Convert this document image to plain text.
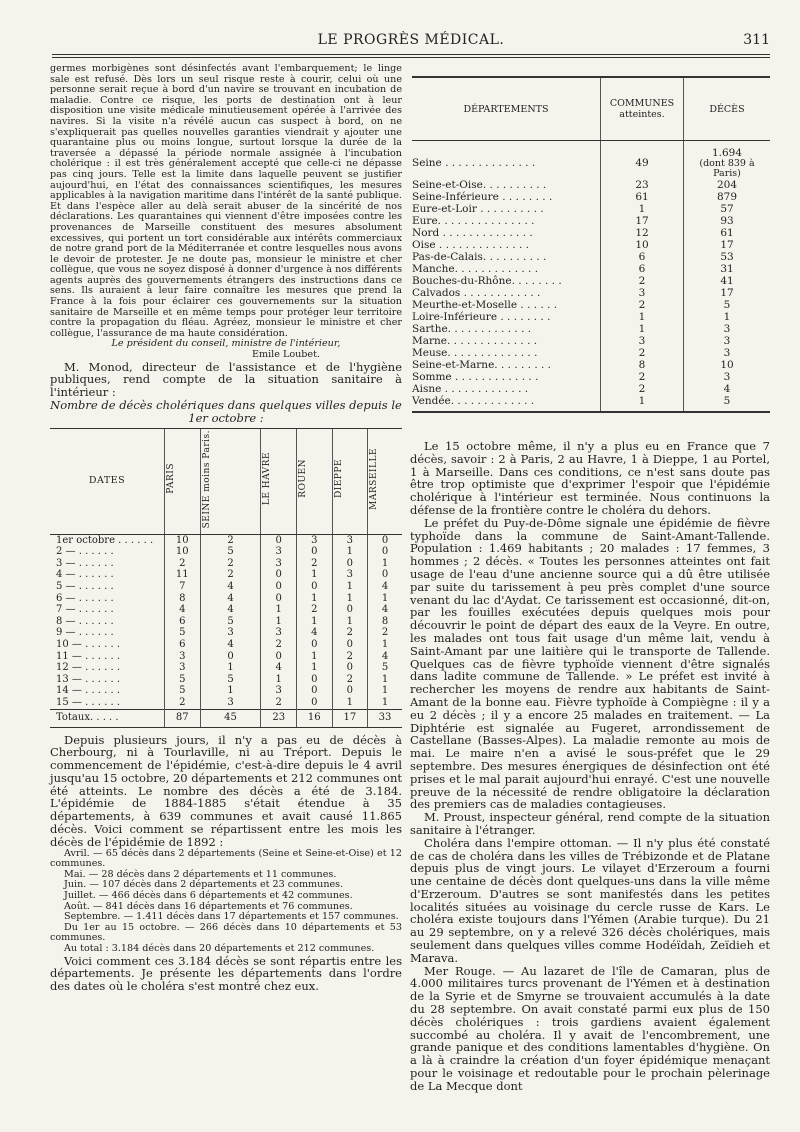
LE PROGRÈS MÉDICAL.	311

germes morbigènes sont désinfectés avant l'embarquement; le linge sale est refusé. Dès lors un seul risque reste à courir, celui où une personne serait reçue à bord d'un navire se trouvant en incubation de maladie. Contre ce risque, les ports de destination ont à leur disposition une visite médicale minutieusement opérée à l'arrivée des navires. Si la visite n'a révélé aucun cas suspect à bord, on ne s'expliquerait pas quelles nouvelles garanties viendrait y ajouter une quarantaine plus ou moins longue, surtout lorsque la durée de la traversée a dépassé la période normale assignée à l'incubation cholérique : il est très généralement accepté que celle-ci ne dépasse pas cinq jours. Telle est la limite dans laquelle peuvent se justifier aujourd'hui, en l'état des connaissances scientifiques, les mesures applicables à la navigation maritime dans l'intérêt de la santé publique. Et dans l'espèce aller au delà serait abuser de la sincérité de nos déclarations. Les quarantaines qui viennent d'être imposées contre les provenances de Marseille constituent des mesures absolument excessives, qui portent un tort considérable aux intérêts commerciaux de notre grand port de la Méditerranée et contre lesquelles nous avons le devoir de protester. Je ne doute pas, monsieur le ministre et cher collègue, que vous ne soyez disposé à donner d'urgence à nos différents agents auprès des gouvernements étrangers des instructions dans ce sens. Ils auraient à leur faire connaître les mesures que prend la France à la fois pour éclairer ces gouvernements sur la situation sanitaire de Marseille et en même temps pour protéger leur territoire contre la propagation du fléau. Agréez, monsieur le ministre et cher collègue, l'assurance de ma haute considération.

Le président du conseil, ministre de l'intérieur,

Emile Loubet.

M. Monod, directeur de l'assistance et de l'hygiène publiques, rend compte de la situation sanitaire à l'intérieur :

Nombre de décès cholériques dans quelques villes depuis le 1er octobre :

DATES	PARIS	SEINE moins Paris.	LE HAVRE	ROUEN	DIEPPE	MARSEILLE
1er octobre . . . . . .	10	2	0	3	3	0
2 — . . . . . .	10	5	3	0	1	0
3 — . . . . . .	2	2	3	2	0	1
4 — . . . . . .	11	2	0	1	3	0
5 — . . . . . .	7	4	0	0	1	4
6 — . . . . . .	8	4	0	1	1	1
7 — . . . . . .	4	4	1	2	0	4
8 — . . . . . .	6	5	1	1	1	8
9 — . . . . . .	5	3	3	4	2	2
10 — . . . . . .	6	4	2	0	0	1
11 — . . . . . .	3	0	0	1	2	4
12 — . . . . . .	3	1	4	1	0	5
13 — . . . . . .	5	5	1	0	2	1
14 — . . . . . .	5	1	3	0	0	1
15 — . . . . . .	2	3	2	0	1	1
Totaux. . . . .	87	45	23	16	17	33

Depuis plusieurs jours, il n'y a pas eu de décès à Cherbourg, ni à Tourlaville, ni au Tréport. Depuis le commencement de l'épidémie, c'est-à-dire depuis le 4 avril jusqu'au 15 octobre, 20 départements et 212 communes ont été atteints. Le nombre des décès a été de 3.184. L'épidémie de 1884-1885 s'était étendue à 35 départements, à 639 communes et avait causé 11.865 décès. Voici comment se répartissent entre les mois les décès de l'épidémie de 1892 :

Avril. — 65 décès dans 2 départements (Seine et Seine-et-Oise) et 12 communes.

Mai. — 28 décès dans 2 départements et 11 communes.

Juin. — 107 décès dans 2 départements et 23 communes.

Juillet. — 466 décès dans 6 départements et 42 communes.

Août. — 841 décès dans 16 départements et 76 communes.

Septembre. — 1.411 décès dans 17 départements et 157 communes.

Du 1er au 15 octobre. — 266 décès dans 10 départements et 53 communes.

Au total : 3.184 décès dans 20 départements et 212 communes.

Voici comment ces 3.184 décès se sont répartis entre les départements. Je présente les départements dans l'ordre des dates où le choléra s'est montré chez eux.

DÉPARTEMENTS	COMMUNES atteintes.	DÉCÈS
Seine . . . . . . . . . . . . . .	49	1.694
(dont 839 à Paris)

Seine-et-Oise. . . . . . . . . .	23	204
Seine-Inférieure . . . . . . . .	61	879
Eure-et-Loir . . . . . . . . . .	1	57
Eure. . . . . . . . . . . . . . .	17	93
Nord . . . . . . . . . . . . . .	12	61
Oise . . . . . . . . . . . . . .	10	17
Pas-de-Calais. . . . . . . . . .	6	53
Manche. . . . . . . . . . . . .	6	31
Bouches-du-Rhône. . . . . . . .	2	41
Calvados . . . . . . . . . . . .	3	17
Meurthe-et-Moselle . . . . . .	2	5
Loire-Inférieure . . . . . . . .	1	1
Sarthe. . . . . . . . . . . . .	1	3
Marne. . . . . . . . . . . . . .	3	3
Meuse. . . . . . . . . . . . . .	2	3
Seine-et-Marne. . . . . . . . .	8	10
Somme . . . . . . . . . . . . .	2	3
Aisne . . . . . . . . . . . . .	2	4
Vendée. . . . . . . . . . . . .	1	5

Le 15 octobre même, il n'y a plus eu en France que 7 décès, savoir : 2 à Paris, 2 au Havre, 1 à Dieppe, 1 au Portel, 1 à Marseille. Dans ces conditions, ce n'est sans doute pas être trop optimiste que d'exprimer l'espoir que l'épidémie cholérique à l'intérieur est terminée. Nous continuons la défense de la frontière contre le choléra du dehors.

Le préfet du Puy-de-Dôme signale une épidémie de fièvre typhoïde dans la commune de Saint-Amant-Tallende. Population : 1.469 habitants ; 20 malades : 17 femmes, 3 hommes ; 2 décès. « Toutes les personnes atteintes ont fait usage de l'eau d'une ancienne source qui a dû être utilisée par suite du tarissement à peu près complet d'une source venant du lac d'Aydat. Ce tarissement est occasionné, dit-on, par les fouilles exécutées depuis quelques mois pour découvrir le point de départ des eaux de la Veyre. En outre, les malades ont tous fait usage d'un même lait, vendu à Saint-Amant par une laitière qui le transporte de Tallende. Quelques cas de fièvre typhoïde viennent d'être signalés dans ladite commune de Tallende. » Le préfet est invité à rechercher les moyens de rendre aux habitants de Saint-Amant de la bonne eau. Fièvre typhoïde à Compiègne : il y a eu 2 décès ; il y a encore 25 malades en traitement. — La Diphtérie est signalée au Fugeret, arrondissement de Castellane (Basses-Alpes). La maladie remonte au mois de mai. Le maire n'en a avisé le sous-préfet que le 29 septembre. Des mesures énergiques de désinfection ont été prises et le mal parait aujourd'hui enrayé. C'est une nouvelle preuve de la nécessité de rendre obligatoire la déclaration des premiers cas de maladies contagieuses.

M. Proust, inspecteur général, rend compte de la situation sanitaire à l'étranger.

Choléra dans l'empire ottoman. — Il n'y plus été constaté de cas de choléra dans les villes de Trébizonde et de Platane depuis plus de vingt jours. Le vilayet d'Erzeroum a fourni une centaine de décès dont quelques-uns dans la ville même d'Erzeroum. D'autres se sont manifestés dans les petites localités situées au voisinage du cercle russe de Kars. Le choléra existe toujours dans l'Yémen (Arabie turque). Du 21 au 29 septembre, on y a relevé 326 décès cholériques, mais seulement dans quelques villes comme Hodéïdah, Zeïdieh et Marava.

Mer Rouge. — Au lazaret de l'île de Camaran, plus de 4.000 militaires turcs provenant de l'Yémen et à destination de la Syrie et de Smyrne se trouvaient accumulés à la date du 28 septembre. On avait constaté parmi eux plus de 150 décès cholériques : trois gardiens avaient également succombé au choléra. Il y avait de l'encombrement, une grande panique et des conditions lamentables d'hygiène. On a là à craindre la création d'un foyer épidémique menaçant pour le voisinage et redoutable pour le prochain pèlerinage de La Mecque dont
